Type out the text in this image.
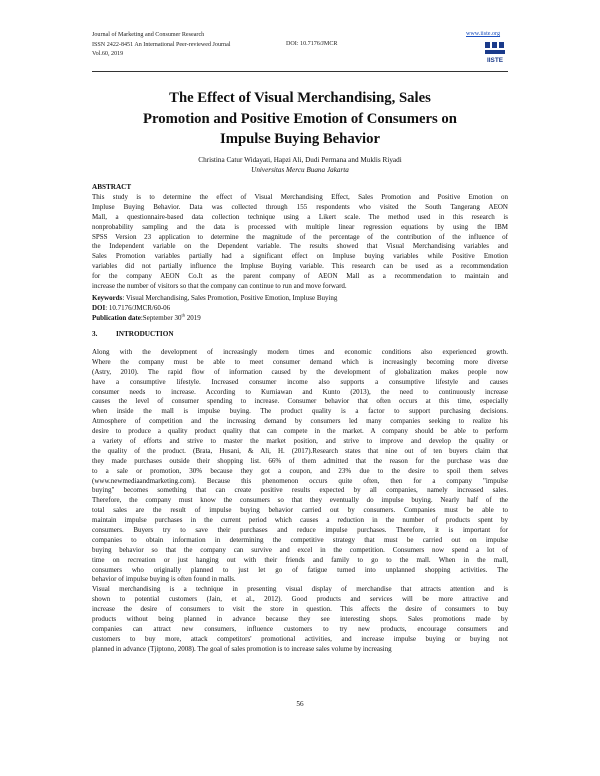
Journal of Marketing and Consumer Research
ISSN 2422-8451 An International Peer-reviewed Journal
Vol.60, 2019
DOI: 10.7176/JMCR
www.iiste.org
IISTE
The Effect of Visual Merchandising, Sales
Promotion and Positive Emotion of Consumers on
Impulse Buying Behavior
Christina Catur Widayati, Hapzi Ali, Dudi Permana and Muklis Riyadi
Universitas Mercu Buana Jakarta
ABSTRACT
This study is to determine the effect of Visual Merchandising Effect, Sales Promotion and Positive Emotion on
Impluse Buying Behavior. Data was collected through 155 respondents who visited the South Tangerang AEON
Mall, a questionnaire-based data collection technique using a Likert scale. The method used in this research is
nonprobability sampling and the data is processed with multiple linear regression equations by using the IBM
SPSS Version 23 application to determine the magnitude of the percentage of the contribution of the influence of
the Independent variable on the Dependent variable. The results showed that Visual Merchandising variables and
Sales Promotion variables partially had a significant effect on Impluse buying variables while Positive Emotion
variables did not partially influence the Impluse Buying variable. This research can be used as a recommendation
for the company AEON Co.It as the parent company of AEON Mall as a recommendation to maintain and
increase the number of visitors so that the company can continue to run and move forward.
Keywords: Visual Merchandising, Sales Promotion, Positive Emotion, Impluse Buying
DOI: 10.7176/JMCR/60-06
Publication date:September 30th 2019
3.	INTRODUCTION
Along with the development of increasingly modern times and economic conditions also experienced growth.
Where the company must be able to meet consumer demand which is increasingly becoming more diverse
(Astry, 2010). The rapid flow of information caused by the development of globalization makes people now
have a consumptive lifestyle. Increased consumer income also supports a consumptive lifestyle and causes
consumer needs to increase. According to Kurniawan and Kunto (2013), the need to continuously increase
causes the level of consumer spending to increase. Consumer behavior that often occurs at this time, especially
when inside the mall is impulse buying. The product quality is a factor to support purchasing decisions.
Atmosphere of competition and the increasing demand by consumers led many companies seeking to realize his
desire to produce a quality product quality that can compete in the market. A company should be able to perform
a variety of efforts and strive to master the market position, and strive to improve and develop the quality or
the quality of the product. (Brata, Husani, & Ali, H. (2017).Research states that nine out of ten buyers claim that
they made purchases outside their shopping list. 66% of them admitted that the reason for the purchase was due
to a sale or promotion, 30% because they got a coupon, and 23% due to the desire to spoil them selves
(www.newmediaandmarketing.com). Because this phenomenon occurs quite often, then for a company "impulse
buying" becomes something that can create positive results expected by all companies, namely increased sales.
Therefore, the company must know the consumers so that they eventually do impulse buying. Nearly half of the
total sales are the result of impulse buying behavior carried out by consumers. Companies must be able to
maintain impulse purchases in the current period which causes a reduction in the number of products spent by
consumers. Buyers try to save their purchases and reduce impulse purchases. Therefore, it is important for
companies to obtain information in determining the competitive strategy that must be carried out on impulse
buying behavior so that the company can survive and excel in the competition. Consumers now spend a lot of
time on recreation or just hanging out with their friends and family to go to the mall. When in the mall,
consumers who originally planned to just let go of fatigue turned into unplanned shopping activities. The
behavior of impulse buying is often found in malls.
Visual merchandising is a technique in presenting visual display of merchandise that attracts attention and is
shown to potential customers (Jain, et al., 2012). Good products and services will be more attractive and
increase the desire of consumers to visit the store in question. This affects the desire of consumers to buy
products without being planned in advance because they see interesting shops. Sales promotions made by
companies can attract new consumers, influence customers to try new products, encourage consumers and
customers to buy more, attack competitors' promotional activities, and increase impulse buying or buying not
planned in advance (Tjiptono, 2008). The goal of sales promotion is to increase sales volume by increasing
56
